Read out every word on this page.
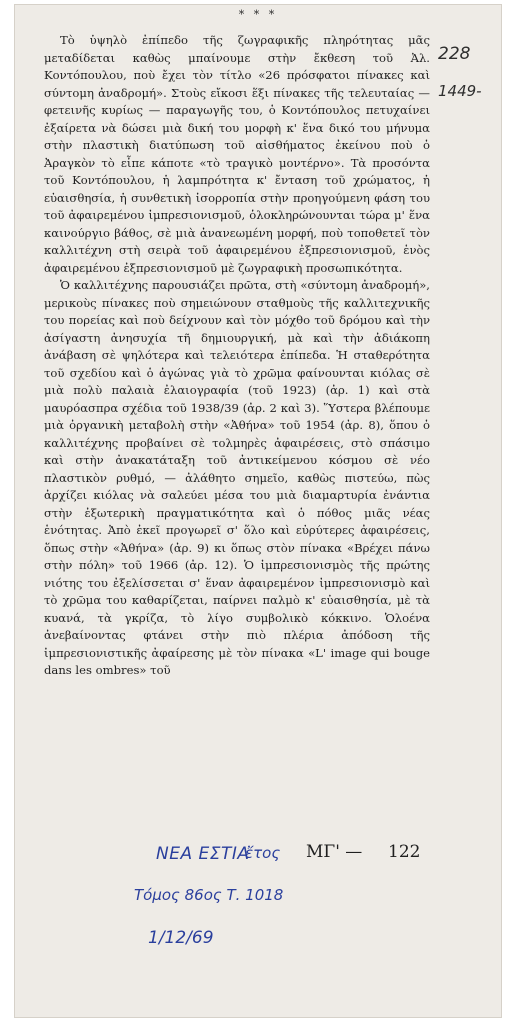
* * *

Τὸ ὑψηλὸ ἐπίπεδο τῆς ζωγραφικῆς πληρότητας μᾶς μεταδίδεται καθὼς μπαίνουμε στὴν ἔκθεση τοῦ Ἀλ. Κοντόπουλου, ποὺ ἔχει τὸν τίτλο «26 πρόσφατοι πίνακες καὶ σύντομη ἀναδρομή». Στοὺς εἴκοσι ἕξι πίνακες τῆς τελευταίας — φετεινῆς κυρίως — παραγωγῆς του, ὁ Κοντόπουλος πετυχαίνει ἐξαίρετα νὰ δώσει μιὰ δική του μορφὴ κ' ἕνα δικό του μήνυμα στὴν πλαστικὴ διατύπωση τοῦ αἰσθήματος ἐκείνου ποὺ ὁ Ἀραγκὸν τὸ εἶπε κάποτε «τὸ τραγικὸ μοντέρνο». Τὰ προσόντα τοῦ Κοντόπουλου, ἡ λαμπρότητα κ' ἔνταση τοῦ χρώματος, ἡ εὐαισθησία, ἡ συνθετικὴ ἰσορροπία στὴν προηγούμενη φάση του τοῦ ἀφαιρεμένου ἰμπρεσιονισμοῦ, ὁλοκληρώνουνται τώρα μ' ἕνα καινούργιο βάθος, σὲ μιὰ ἀνανεωμένη μορφή, ποὺ τοποθετεῖ τὸν καλλιτέχνη στὴ σειρὰ τοῦ ἀφαιρεμένου ἐξπρεσιονισμοῦ, ἑνὸς ἀφαιρεμένου ἐξπρεσιονισμοῦ μὲ ζωγραφικὴ προσωπικότητα.

Ὁ καλλιτέχνης παρουσιάζει πρῶτα, στὴ «σύντομη ἀναδρομή», μερικοὺς πίνακες ποὺ σημειώνουν σταθμοὺς τῆς καλλιτεχνικῆς του πορείας καὶ ποὺ δείχνουν καὶ τὸν μόχθο τοῦ δρόμου καὶ τὴν ἀσίγαστη ἀνησυχία τῆ δημιουργική, μὰ καὶ τὴν ἀδιάκοπη ἀνάβαση σὲ ψηλότερα καὶ τελειότερα ἐπίπεδα. Ἡ σταθερότητα τοῦ σχεδίου καὶ ὁ ἀγώνας γιὰ τὸ χρῶμα φαίνουνται κιόλας σὲ μιὰ πολὺ παλαιὰ ἐλαιογραφία (τοῦ 1923) (ἀρ. 1) καὶ στὰ μαυρόασπρα σχέδια τοῦ 1938/39 (ἀρ. 2 καὶ 3). Ὕστερα βλέπουμε μιὰ ὀργανικὴ μεταβολὴ στὴν «Ἀθήνα» τοῦ 1954 (ἀρ. 8), ὅπου ὁ καλλιτέχνης προβαίνει σὲ τολμηρὲς ἀφαιρέσεις, στὸ σπάσιμο καὶ στὴν ἀνακατάταξη τοῦ ἀντικείμενου κόσμου σὲ νέο πλαστικὸν ρυθμό, — ἀλάθητο σημεῖο, καθὼς πιστεύω, πὼς ἀρχίζει κιόλας νὰ σαλεύει μέσα του μιὰ διαμαρτυρία ἐνάντια στὴν ἐξωτερικὴ πραγματικότητα καὶ ὁ πόθος μιᾶς νέας ἑνότητας. Ἀπὸ ἐκεῖ προγωρεῖ σ' ὅλο καὶ εὐρύτερες ἀφαιρέσεις, ὅπως στὴν «Ἀθήνα» (ἀρ. 9) κι ὅπως στὸν πίνακα «Βρέχει πάνω στὴν πόλη» τοῦ 1966 (ἀρ. 12). Ὁ ἰμπρεσιονισμὸς τῆς πρώτης νιότης του ἐξελίσσεται σ' ἕναν ἀφαιρεμένον ἰμπρεσιονισμὸ καὶ τὸ χρῶμα του καθαρίζεται, παίρνει παλμὸ κ' εὐαισθησία, μὲ τὰ κυανά, τὰ γκρίζα, τὸ λίγο συμβολικὸ κόκκινο. Ὁλοένα ἀνεβαίνοντας φτάνει στὴν πιὸ πλέρια ἀπόδοση τῆς ἰμπρεσιονιστικῆς ἀφαίρεσης μὲ τὸν πίνακα «L' image qui bouge dans les ombres» τοῦ

228
1449-
ΝΕΑ ΕΣΤΙΑ
ἔτος ΜΓ' — 122
Τόμος 86ος Τ. 1018
1/12/69
